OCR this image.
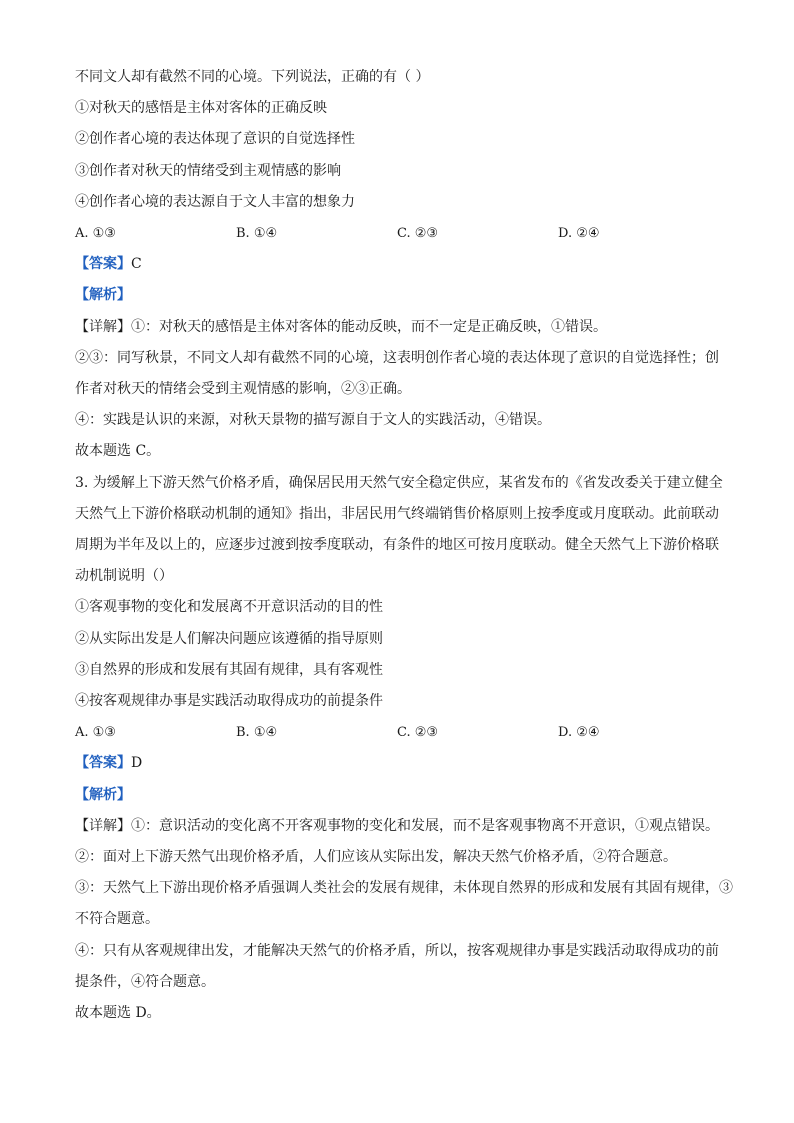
不同文人却有截然不同的心境。下列说法，正确的有（ ）
①对秋天的感悟是主体对客体的正确反映
②创作者心境的表达体现了意识的自觉选择性
③创作者对秋天的情绪受到主观情感的影响
④创作者心境的表达源自于文人丰富的想象力
A. ①③	B. ①④	C. ②③	D. ②④
【答案】C
【解析】
【详解】①：对秋天的感悟是主体对客体的能动反映，而不一定是正确反映，①错误。
②③：同写秋景，不同文人却有截然不同的心境，这表明创作者心境的表达体现了意识的自觉选择性；创
作者对秋天的情绪会受到主观情感的影响，②③正确。
④：实践是认识的来源，对秋天景物的描写源自于文人的实践活动，④错误。
故本题选 C。
3. 为缓解上下游天然气价格矛盾，确保居民用天然气安全稳定供应，某省发布的《省发改委关于建立健全
天然气上下游价格联动机制的通知》指出，非居民用气终端销售价格原则上按季度或月度联动。此前联动
周期为半年及以上的，应逐步过渡到按季度联动，有条件的地区可按月度联动。健全天然气上下游价格联
动机制说明（）
①客观事物的变化和发展离不开意识活动的目的性
②从实际出发是人们解决问题应该遵循的指导原则
③自然界的形成和发展有其固有规律，具有客观性
④按客观规律办事是实践活动取得成功的前提条件
A. ①③	B. ①④	C. ②③	D. ②④
【答案】D
【解析】
【详解】①：意识活动的变化离不开客观事物的变化和发展，而不是客观事物离不开意识，①观点错误。
②：面对上下游天然气出现价格矛盾，人们应该从实际出发，解决天然气价格矛盾，②符合题意。
③：天然气上下游出现价格矛盾强调人类社会的发展有规律，未体现自然界的形成和发展有其固有规律，③
不符合题意。
④：只有从客观规律出发，才能解决天然气的价格矛盾，所以，按客观规律办事是实践活动取得成功的前
提条件，④符合题意。
故本题选 D。
